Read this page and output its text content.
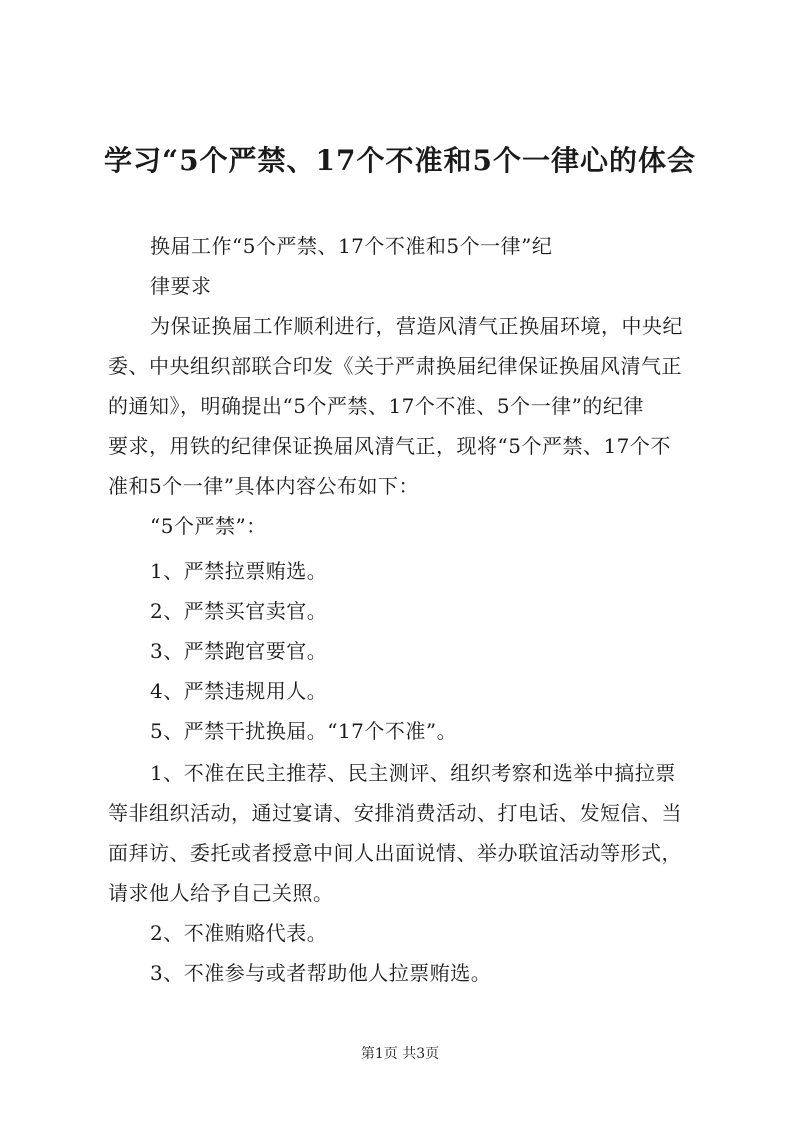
学习“5个严禁、17个不准和5个一律心的体会
换届工作“5个严禁、17个不准和5个一律”纪
律要求
为保证换届工作顺利进行，营造风清气正换届环境，中央纪
委、中央组织部联合印发《关于严肃换届纪律保证换届风清气正
的通知》，明确提出“5个严禁、17个不准、5个一律”的纪律
要求，用铁的纪律保证换届风清气正，现将“5个严禁、17个不
准和5个一律”具体内容公布如下：
“5个严禁”：
1、严禁拉票贿选。
2、严禁买官卖官。
3、严禁跑官要官。
4、严禁违规用人。
5、严禁干扰换届。“17个不准”。
1、不准在民主推荐、民主测评、组织考察和选举中搞拉票
等非组织活动，通过宴请、安排消费活动、打电话、发短信、当
面拜访、委托或者授意中间人出面说情、举办联谊活动等形式，
请求他人给予自己关照。
2、不准贿赂代表。
3、不准参与或者帮助他人拉票贿选。
第1页 共3页
